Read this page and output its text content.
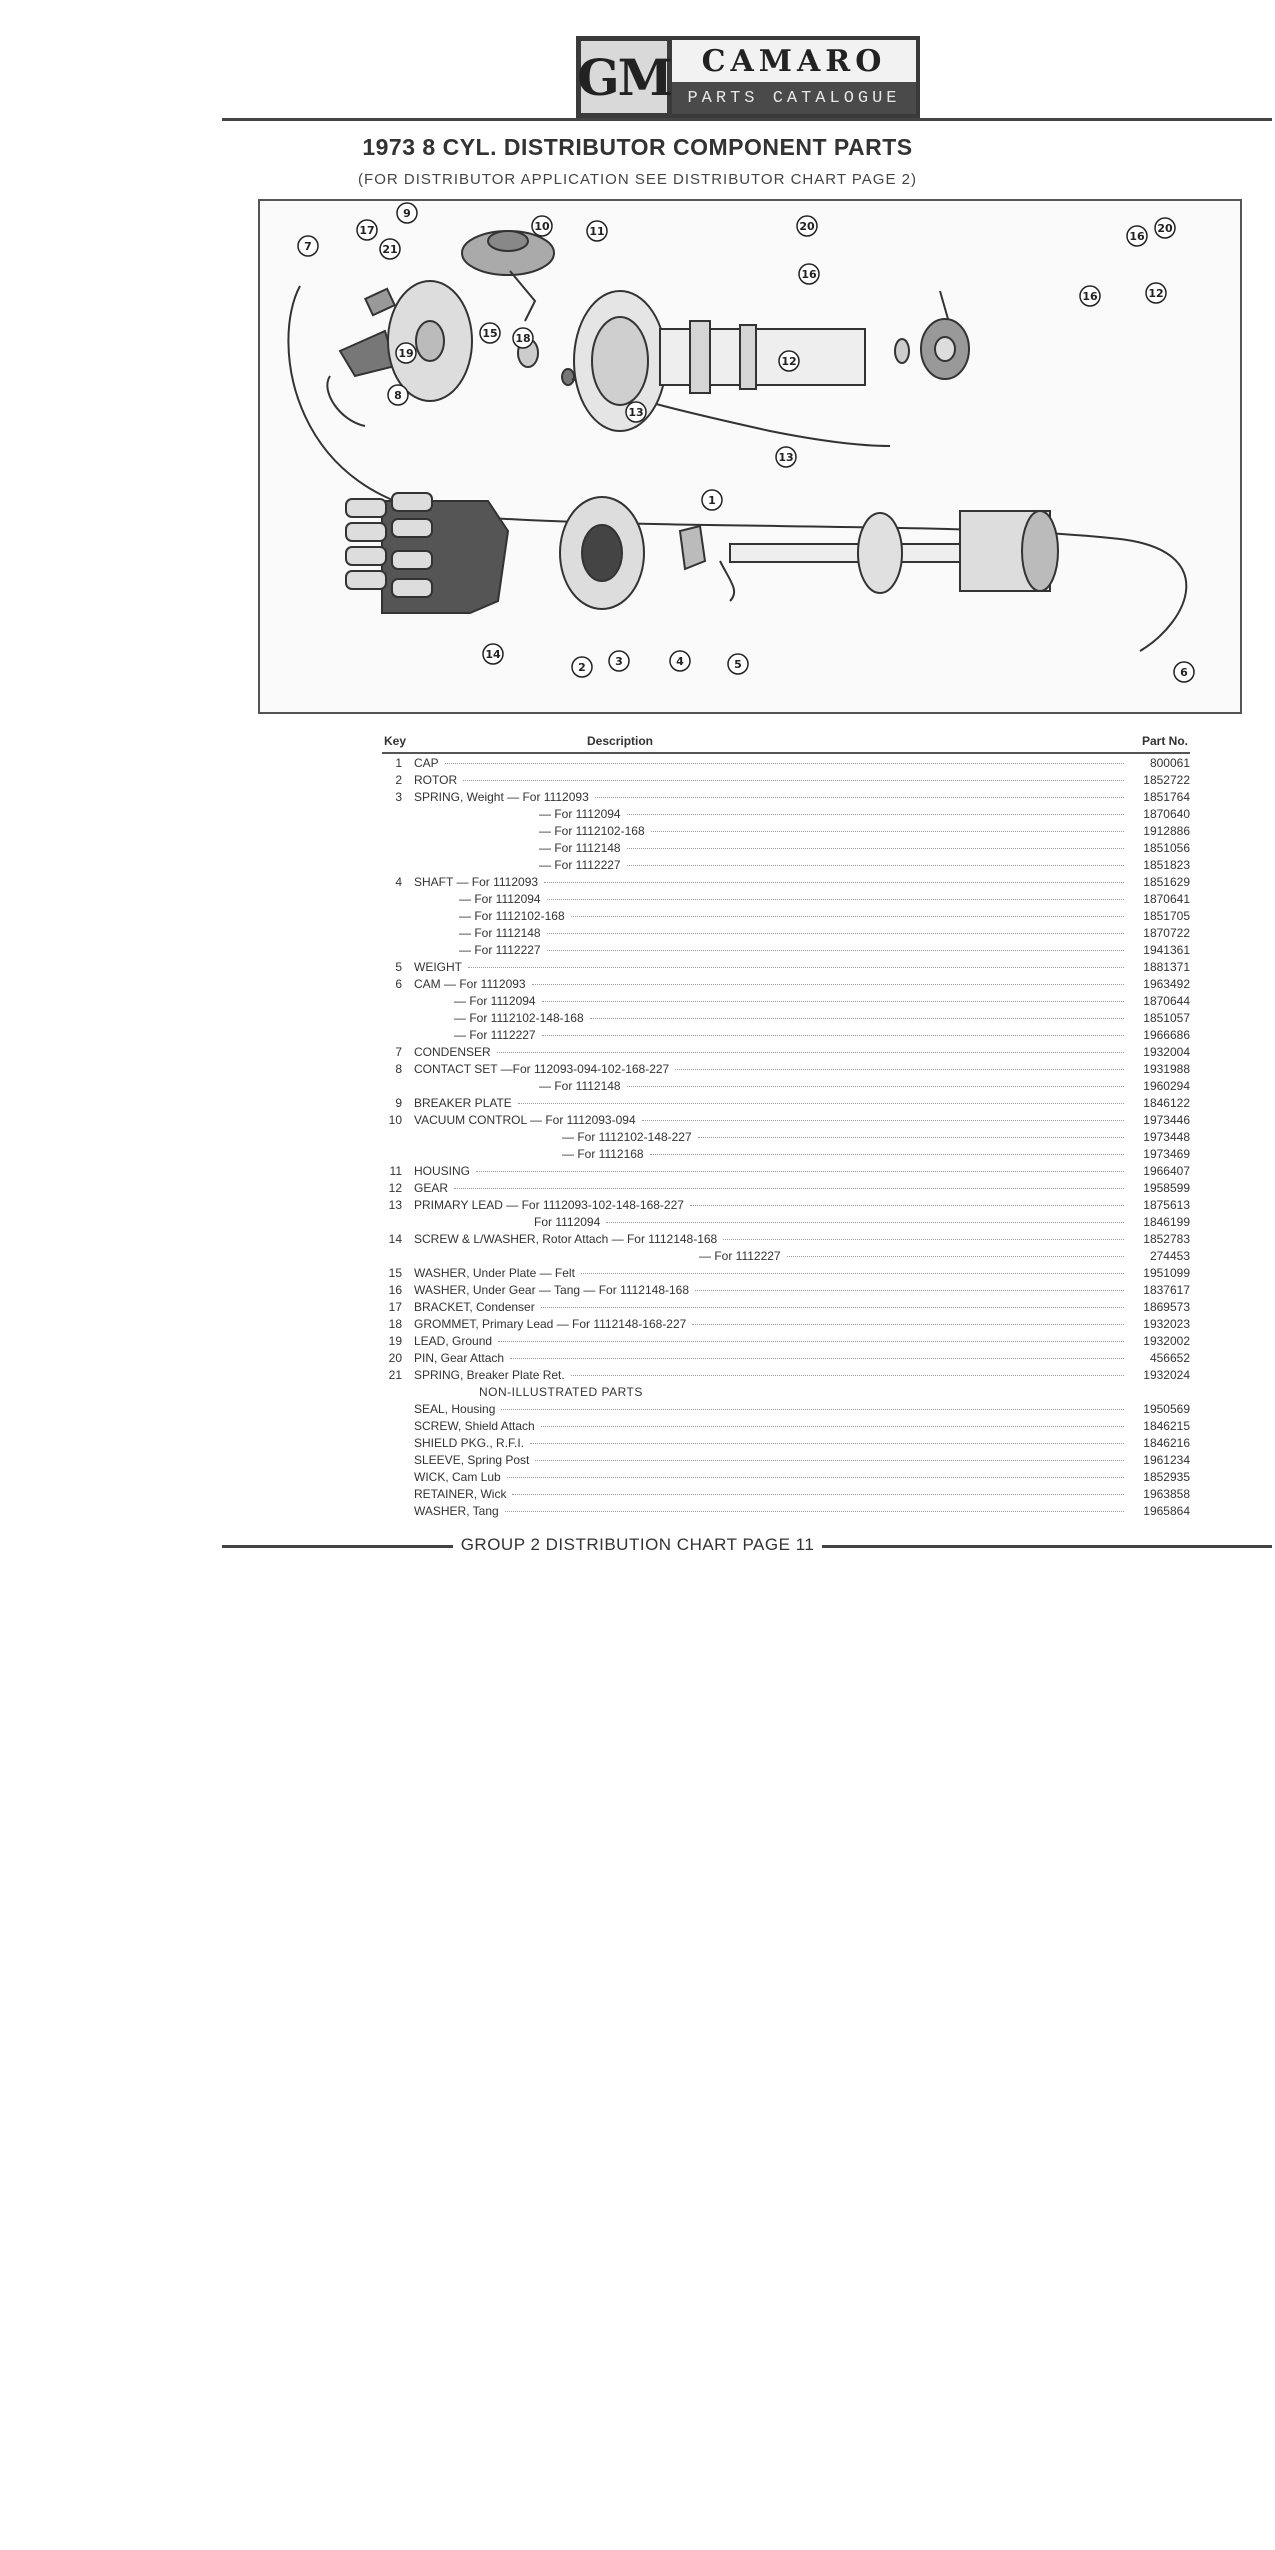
GM	CAMARO
PARTS CATALOGUE
1973 8 CYL. DISTRIBUTOR COMPONENT PARTS
(FOR DISTRIBUTOR APPLICATION SEE DISTRIBUTOR CHART PAGE 2)
7
17
9
21
10	11
19
8
15 18
13
12
16
20
13
1
14
2	3	4	5
6
12
16
20
16
Key	Description	Part No.
1 CAP	800061
2 ROTOR	1852722
3 SPRING, Weight — For 1112093	1851764
— For 1112094	1870640
— For 1112102-168	1912886
— For 1112148	1851056
— For 1112227	1851823
4 SHAFT — For 1112093	1851629
— For 1112094	1870641
— For 1112102-168	1851705
— For 1112148	1870722
— For 1112227	1941361
5 WEIGHT	1881371
6 CAM — For 1112093	1963492
— For 1112094	1870644
— For 1112102-148-168	1851057
— For 1112227	1966686
7 CONDENSER	1932004
8 CONTACT SET —For 112093-094-102-168-227	1931988
— For 1112148	1960294
9 BREAKER PLATE	1846122
10 VACUUM CONTROL — For 1112093-094	1973446
— For 1112102-148-227	1973448
— For 1112168	1973469
11 HOUSING	1966407
12 GEAR	1958599
13 PRIMARY LEAD — For 1112093-102-148-168-227	1875613
For 1112094	1846199
14 SCREW & L/WASHER, Rotor Attach — For 1112148-168	1852783
— For 1112227	274453
15 WASHER, Under Plate — Felt	1951099
16 WASHER, Under Gear — Tang — For 1112148-168	1837617
17 BRACKET, Condenser	1869573
18 GROMMET, Primary Lead — For 1112148-168-227	1932023
19 LEAD, Ground	1932002
20 PIN, Gear Attach	456652
21 SPRING, Breaker Plate Ret.	1932024
NON-ILLUSTRATED PARTS
SEAL, Housing	1950569
SCREW, Shield Attach	1846215
SHIELD PKG., R.F.I.	1846216
SLEEVE, Spring Post	1961234
WICK, Cam Lub	1852935
RETAINER, Wick	1963858
WASHER, Tang	1965864
GROUP 2 DISTRIBUTION CHART PAGE 11
